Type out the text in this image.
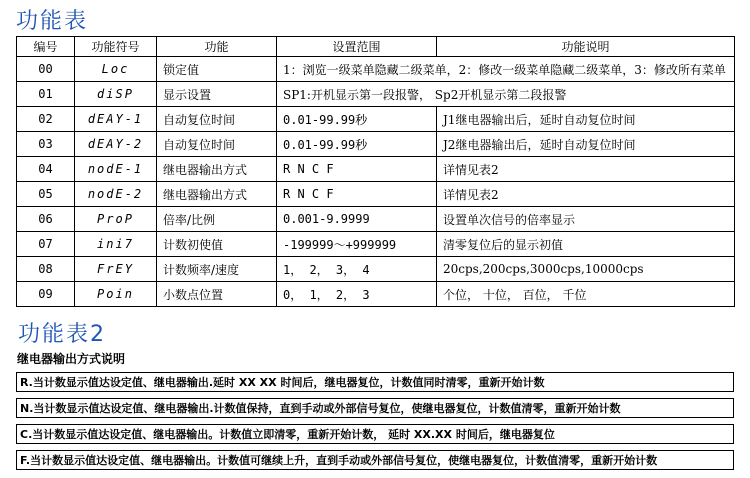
功能表
编号	功能符号	功能	设置范围	功能说明
00	Loc	锁定值	1：浏览一级菜单隐藏二级菜单，2：修改一级菜单隐藏二级菜单，3：修改所有菜单	
01	diSP	显示设置	SP1:开机显示第一段报警， Sp2开机显示第二段报警	
02	dEAY-1	自动复位时间	0.01-99.99秒	J1继电器输出后，延时自动复位时间
03	dEAY-2	自动复位时间	0.01-99.99秒	J2继电器输出后，延时自动复位时间
04	nodE-1	继电器输出方式	R N C F	详情见表2
05	nodE-2	继电器输出方式	R N C F	详情见表2
06	ProP	倍率/比例	0.001-9.9999	设置单次信号的倍率显示
07	ini7	计数初使值	-199999～+999999	清零复位后的显示初值
08	FrEY	计数频率/速度	1， 2， 3， 4	20cps,200cps,3000cps,10000cps
09	Poin	小数点位置	0， 1， 2， 3	个位， 十位， 百位， 千位
功能表2
继电器输出方式说明
R.当计数显示值达设定值、继电器输出.延时 XX XX 时间后，继电器复位，计数值同时清零，重新开始计数
N.当计数显示值达设定值、继电器输出.计数值保持，直到手动或外部信号复位，使继电器复位，计数值清零，重新开始计数
C.当计数显示值达设定值、继电器输出。计数值立即清零，重新开始计数， 延时 XX.XX 时间后，继电器复位
F.当计数显示值达设定值、继电器输出。计数值可继续上升，直到手动或外部信号复位，使继电器复位，计数值清零，重新开始计数
